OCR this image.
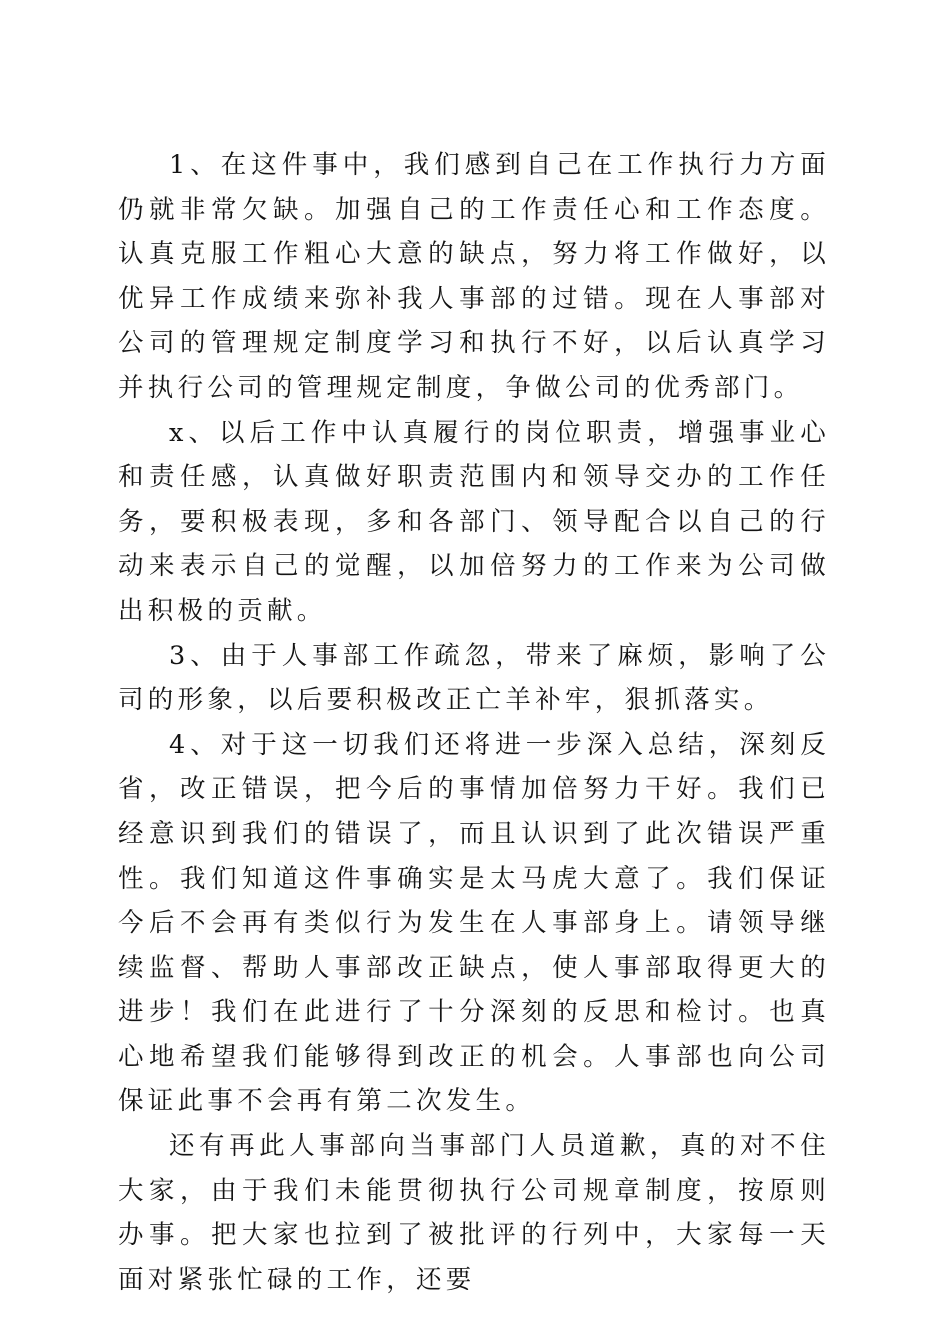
1、在这件事中，我们感到自己在工作执行力方面仍就非常欠缺。加强自己的工作责任心和工作态度。认真克服工作粗心大意的缺点，努力将工作做好，以优异工作成绩来弥补我人事部的过错。现在人事部对公司的管理规定制度学习和执行不好，以后认真学习并执行公司的管理规定制度，争做公司的优秀部门。

x、以后工作中认真履行的岗位职责，增强事业心和责任感，认真做好职责范围内和领导交办的工作任务，要积极表现，多和各部门、领导配合以自己的行动来表示自己的觉醒，以加倍努力的工作来为公司做出积极的贡献。

3、由于人事部工作疏忽，带来了麻烦，影响了公司的形象，以后要积极改正亡羊补牢，狠抓落实。

4、对于这一切我们还将进一步深入总结，深刻反省，改正错误，把今后的事情加倍努力干好。我们已经意识到我们的错误了，而且认识到了此次错误严重性。我们知道这件事确实是太马虎大意了。我们保证今后不会再有类似行为发生在人事部身上。请领导继续监督、帮助人事部改正缺点，使人事部取得更大的进步！我们在此进行了十分深刻的反思和检讨。也真心地希望我们能够得到改正的机会。人事部也向公司保证此事不会再有第二次发生。

还有再此人事部向当事部门人员道歉，真的对不住大家，由于我们未能贯彻执行公司规章制度，按原则办事。把大家也拉到了被批评的行列中，大家每一天面对紧张忙碌的工作，还要
